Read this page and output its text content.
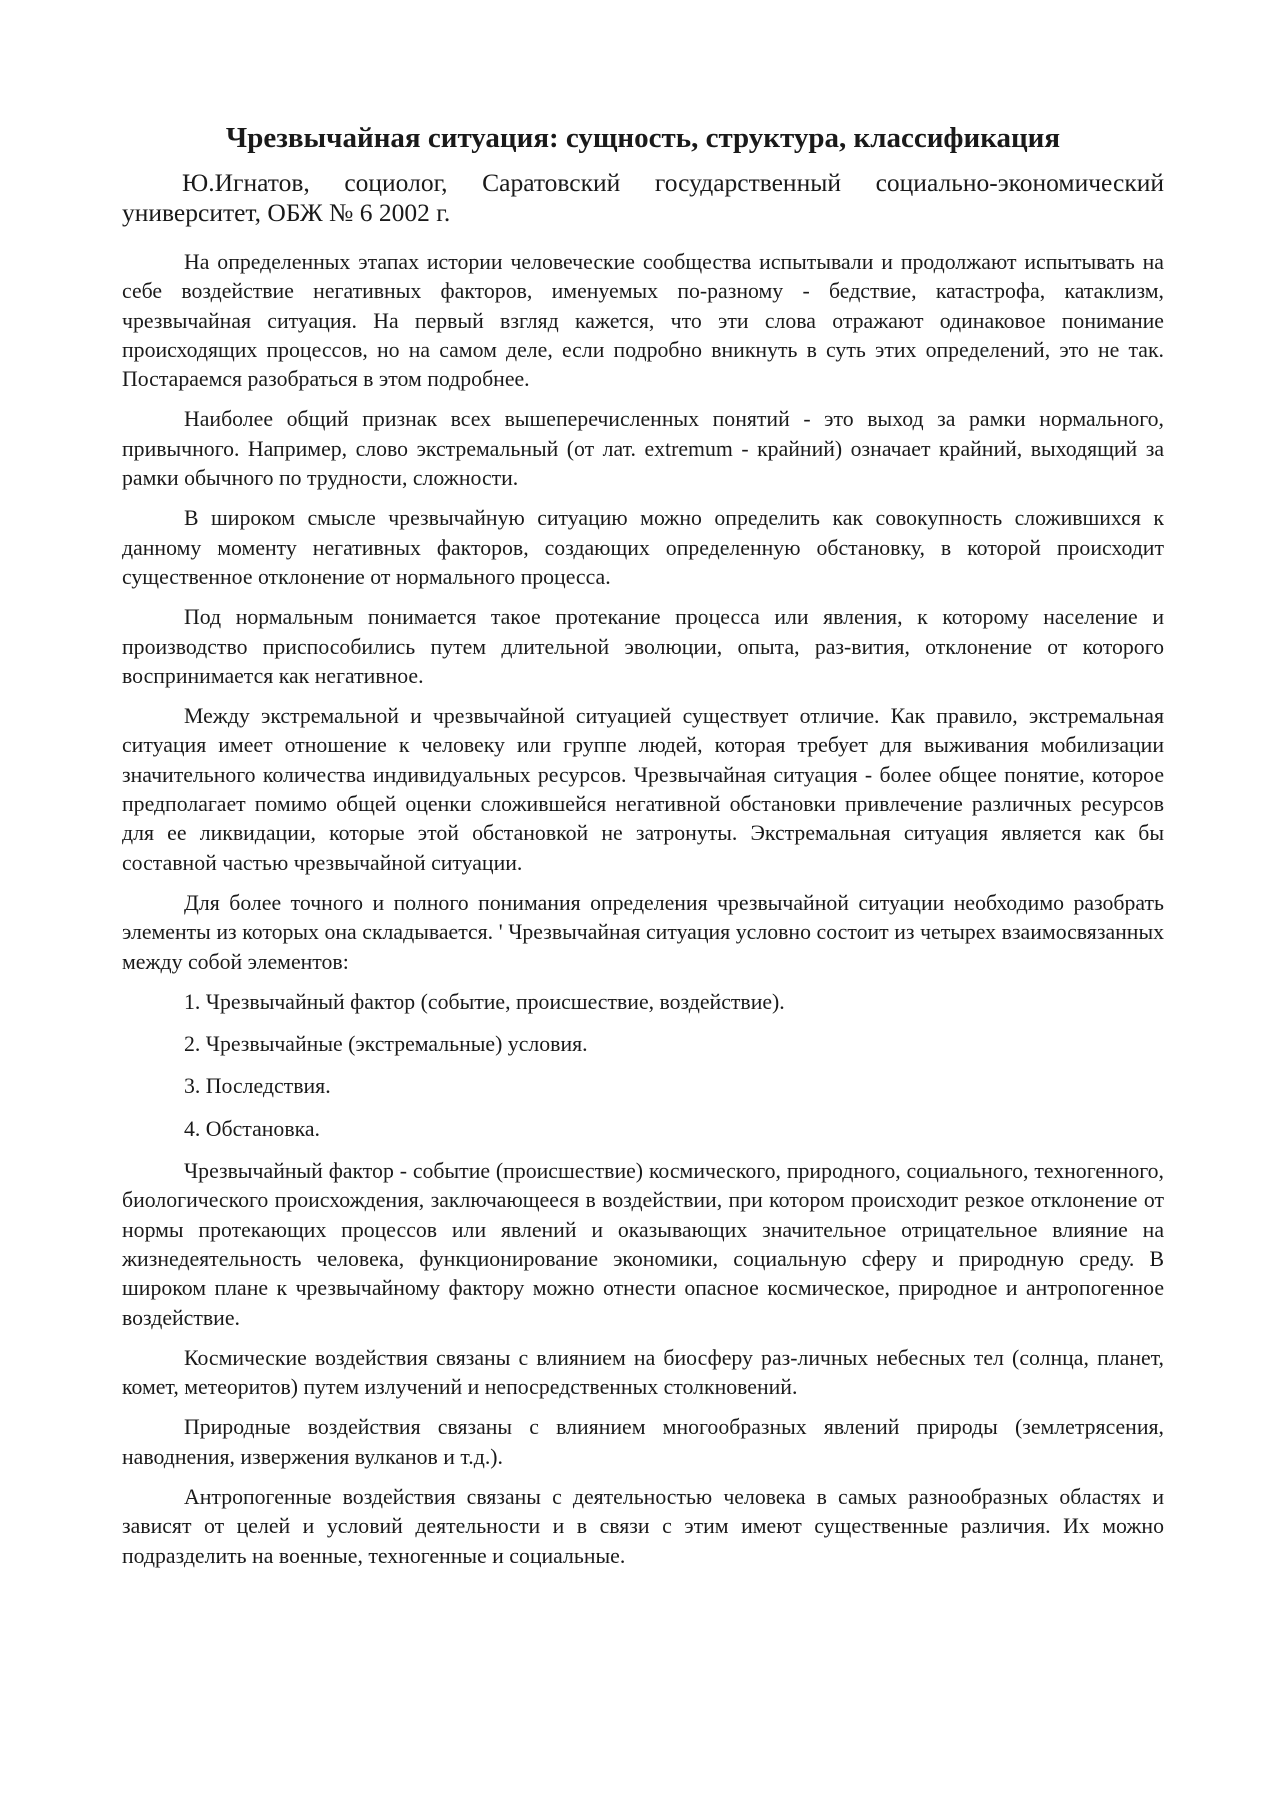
Чрезвычайная ситуация: сущность, структура, классификация

Ю.Игнатов, социолог, Саратовский государственный социально-экономический университет, ОБЖ № 6 2002 г.

На определенных этапах истории человеческие сообщества испытывали и продолжают испытывать на себе воздействие негативных факторов, именуемых по-разному - бедствие, катастрофа, катаклизм, чрезвычайная ситуация. На первый взгляд кажется, что эти слова отражают одинаковое понимание происходящих процессов, но на самом деле, если подробно вникнуть в суть этих определений, это не так. Постараемся разобраться в этом подробнее.

Наиболее общий признак всех вышеперечисленных понятий - это выход за рамки нормального, привычного. Например, слово экстремальный (от лат. extremum - крайний) означает крайний, выходящий за рамки обычного по трудности, сложности.

В широком смысле чрезвычайную ситуацию можно определить как совокупность сложившихся к данному моменту негативных факторов, создающих определенную обстановку, в которой происходит существенное отклонение от нормального процесса.

Под нормальным понимается такое протекание процесса или явления, к которому население и производство приспособились путем длительной эволюции, опыта, раз-вития, отклонение от которого воспринимается как негативное.

Между экстремальной и чрезвычайной ситуацией существует отличие. Как правило, экстремальная ситуация имеет отношение к человеку или группе людей, которая требует для выживания мобилизации значительного количества индивидуальных ресурсов. Чрезвычайная ситуация - более общее понятие, которое предполагает помимо общей оценки сложившейся негативной обстановки привлечение различных ресурсов для ее ликвидации, которые этой обстановкой не затронуты. Экстремальная ситуация является как бы составной частью чрезвычайной ситуации.

Для более точного и полного понимания определения чрезвычайной ситуации необходимо разобрать элементы из которых она складывается. ' Чрезвычайная ситуация условно состоит из четырех взаимосвязанных между собой элементов:

1. Чрезвычайный фактор (событие, происшествие, воздействие).

2. Чрезвычайные (экстремальные) условия.

3. Последствия.

4. Обстановка.

Чрезвычайный фактор - событие (происшествие) космического, природного, социального, техногенного, биологического происхождения, заключающееся в воздействии, при котором происходит резкое отклонение от нормы протекающих процессов или явлений и оказывающих значительное отрицательное влияние на жизнедеятельность человека, функционирование экономики, социальную сферу и природную среду. В широком плане к чрезвычайному фактору можно отнести опасное космическое, природное и антропогенное воздействие.

Космические воздействия связаны с влиянием на биосферу раз-личных небесных тел (солнца, планет, комет, метеоритов) путем излучений и непосредственных столкновений.

Природные воздействия связаны с влиянием многообразных явлений природы (землетрясения, наводнения, извержения вулканов и т.д.).

Антропогенные воздействия связаны с деятельностью человека в самых разнообразных областях и зависят от целей и условий деятельности и в связи с этим имеют существенные различия. Их можно подразделить на военные, техногенные и социальные.
